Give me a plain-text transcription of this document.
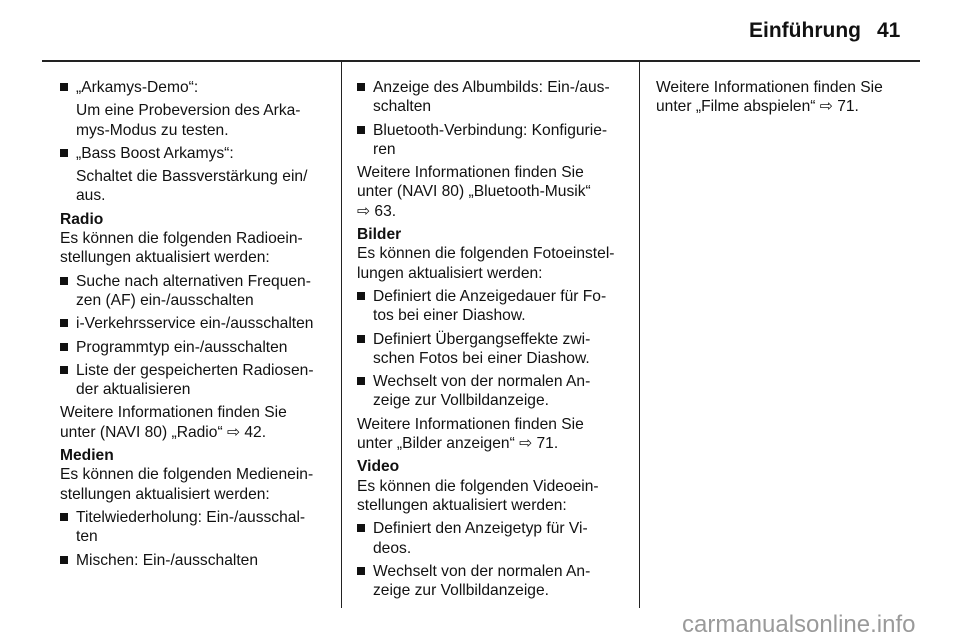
Einführung 41

„Arkamys-Demo“:

Um eine Probeversion des Arka-

mys-Modus zu testen.

„Bass Boost Arkamys“:

Schaltet die Bassverstärkung ein/

aus.

Radio

Es können die folgenden Radioein-

stellungen aktualisiert werden:

Suche nach alternativen Frequen-

zen (AF) ein-/ausschalten

i-Verkehrsservice ein-/ausschalten

Programmtyp ein-/ausschalten

Liste der gespeicherten Radiosen-

der aktualisieren

Weitere Informationen finden Sie

unter (NAVI 80) „Radio“ ⇨ 42.

Medien

Es können die folgenden Medienein-

stellungen aktualisiert werden:

Titelwiederholung: Ein-/ausschal-

ten

Mischen: Ein-/ausschalten

Anzeige des Albumbilds: Ein-/aus-

schalten

Bluetooth-Verbindung: Konfigurie-

ren

Weitere Informationen finden Sie

unter (NAVI 80) „Bluetooth-Musik“

⇨ 63.

Bilder

Es können die folgenden Fotoeinstel-

lungen aktualisiert werden:

Definiert die Anzeigedauer für Fo-

tos bei einer Diashow.

Definiert Übergangseffekte zwi-

schen Fotos bei einer Diashow.

Wechselt von der normalen An-

zeige zur Vollbildanzeige.

Weitere Informationen finden Sie

unter „Bilder anzeigen“ ⇨ 71.

Video

Es können die folgenden Videoein-

stellungen aktualisiert werden:

Definiert den Anzeigetyp für Vi-

deos.

Wechselt von der normalen An-

zeige zur Vollbildanzeige.

Weitere Informationen finden Sie

unter „Filme abspielen“ ⇨ 71.

carmanualsonline.info
